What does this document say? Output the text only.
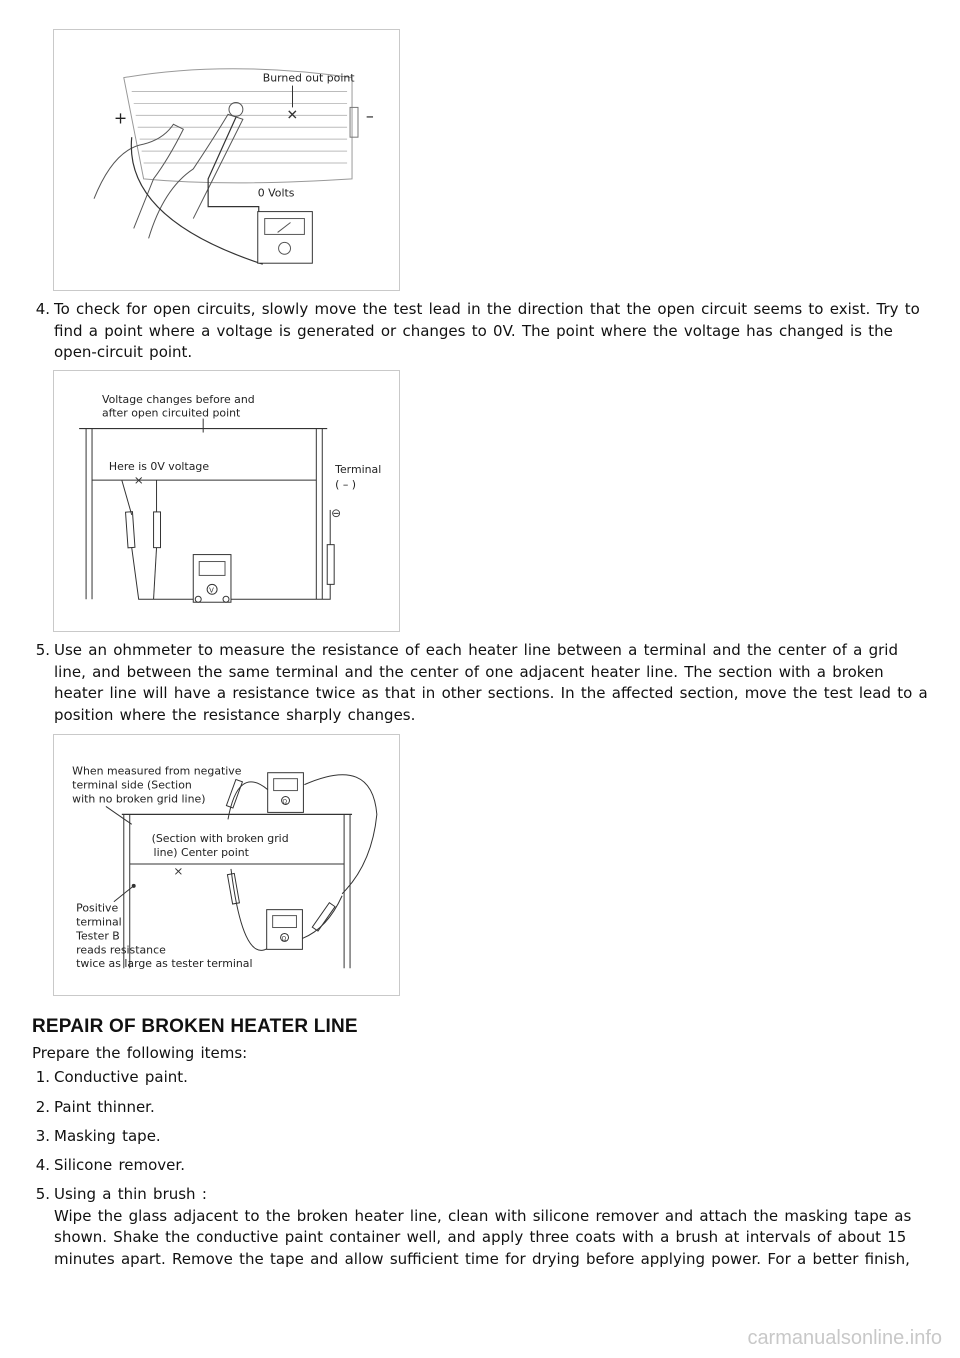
Burned out point
✕
+	–
0 Volts
4. To check for open circuits, slowly move the test lead in the direction that the open circuit seems to exist. Try to find a point where a voltage is generated or changes to 0V. The point where the voltage has changed is the open-circuit point.
Voltage changes before and
after open circuited point
Here is 0V voltage
×
Terminal
( – )
⊖
V
5. Use an ohmmeter to measure the resistance of each heater line between a terminal and the center of a grid line, and between the same terminal and the center of one adjacent heater line. The section with a broken heater line will have a resistance twice as that in other sections. In the affected section, move the test lead to a position where the resistance sharply changes.
When measured from negative
terminal side (Section
with no broken grid line)
(Section with broken grid
line) Center point
×
Positive
terminal
Tester B
reads resistance
twice as large as tester terminal
Ω
Ω
REPAIR OF BROKEN HEATER LINE
Prepare the following items:
1. Conductive paint.
2. Paint thinner.
3. Masking tape.
4. Silicone remover.
5. Using a thin brush :
Wipe the glass adjacent to the broken heater line, clean with silicone remover and attach the masking tape as shown. Shake the conductive paint container well, and apply three coats with a brush at intervals of about 15 minutes apart. Remove the tape and allow sufficient time for drying before applying power. For a better finish,
carmanualsonline.info
